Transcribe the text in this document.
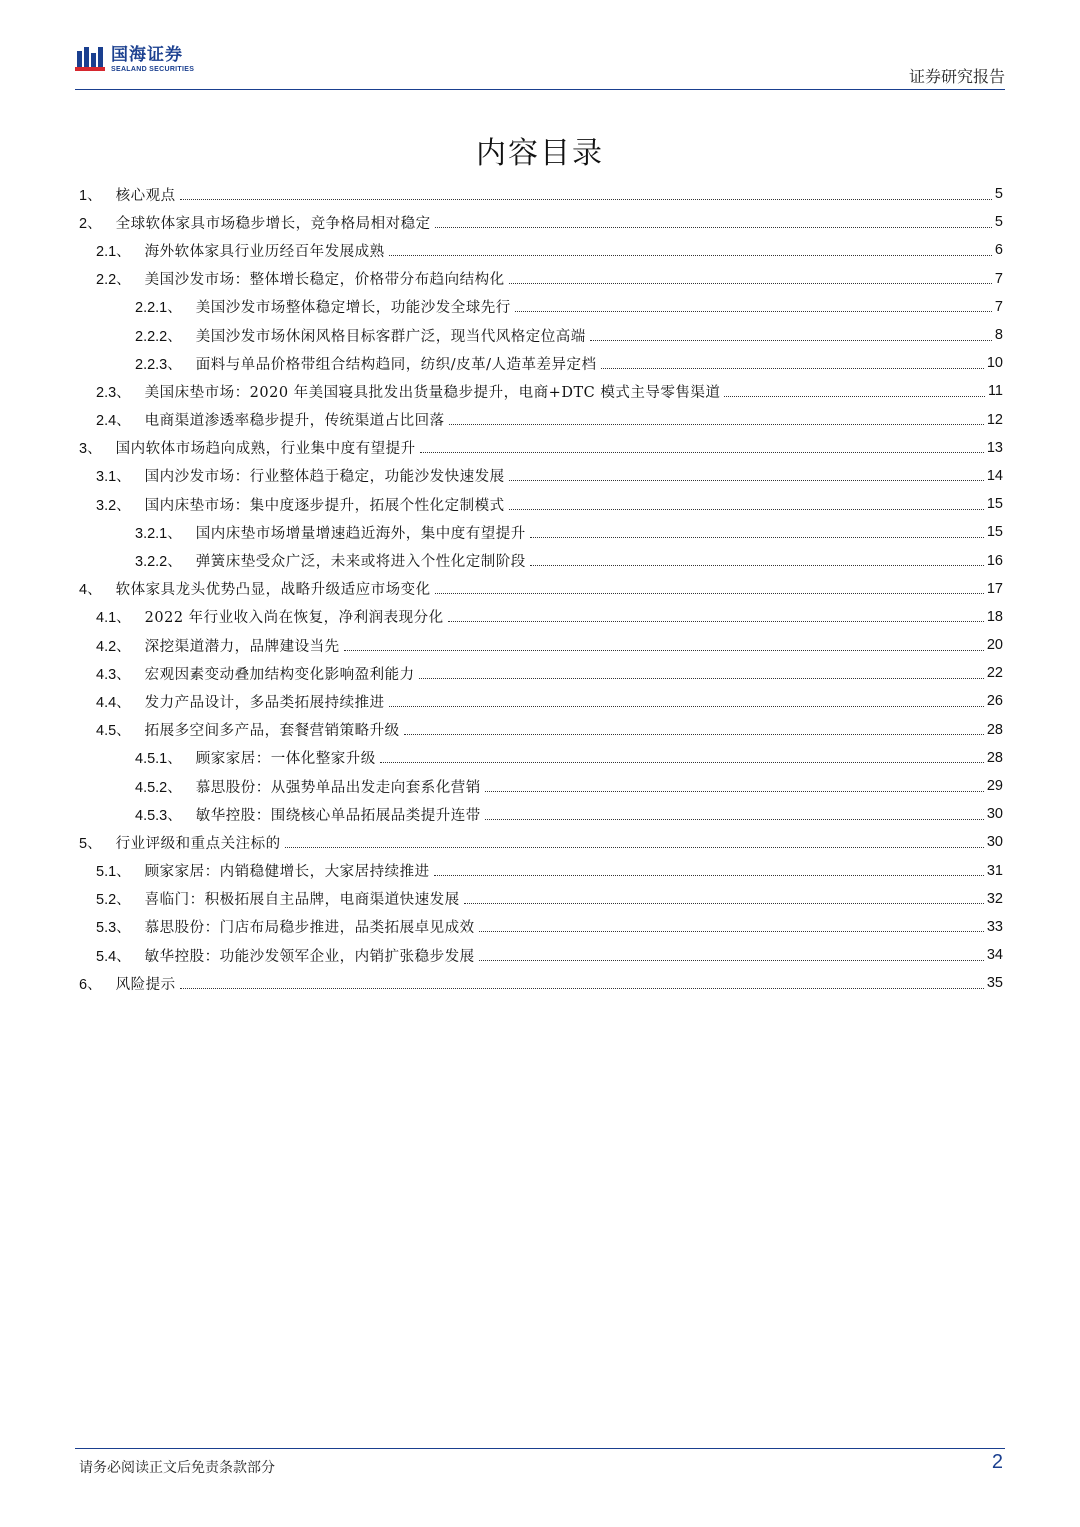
国海证券
SEALAND SECURITIES	证券研究报告
内容目录
1、 核心观点	5
2、 全球软体家具市场稳步增长，竞争格局相对稳定	5
2.1、 海外软体家具行业历经百年发展成熟	6
2.2、 美国沙发市场：整体增长稳定，价格带分布趋向结构化	7
2.2.1、 美国沙发市场整体稳定增长，功能沙发全球先行	7
2.2.2、 美国沙发市场休闲风格目标客群广泛，现当代风格定位高端	8
2.2.3、 面料与单品价格带组合结构趋同，纺织/皮革/人造革差异定档	10
2.3、 美国床垫市场：2020 年美国寝具批发出货量稳步提升，电商+DTC 模式主导零售渠道	11
2.4、 电商渠道渗透率稳步提升，传统渠道占比回落	12
3、 国内软体市场趋向成熟，行业集中度有望提升	13
3.1、 国内沙发市场：行业整体趋于稳定，功能沙发快速发展	14
3.2、 国内床垫市场：集中度逐步提升，拓展个性化定制模式	15
3.2.1、 国内床垫市场增量增速趋近海外，集中度有望提升	15
3.2.2、 弹簧床垫受众广泛，未来或将进入个性化定制阶段	16
4、 软体家具龙头优势凸显，战略升级适应市场变化	17
4.1、 2022 年行业收入尚在恢复，净利润表现分化	18
4.2、 深挖渠道潜力，品牌建设当先	20
4.3、 宏观因素变动叠加结构变化影响盈利能力	22
4.4、 发力产品设计，多品类拓展持续推进	26
4.5、 拓展多空间多产品，套餐营销策略升级	28
4.5.1、 顾家家居：一体化整家升级	28
4.5.2、 慕思股份：从强势单品出发走向套系化营销	29
4.5.3、 敏华控股：围绕核心单品拓展品类提升连带	30
5、 行业评级和重点关注标的	30
5.1、 顾家家居：内销稳健增长，大家居持续推进	31
5.2、 喜临门：积极拓展自主品牌，电商渠道快速发展	32
5.3、 慕思股份：门店布局稳步推进，品类拓展卓见成效	33
5.4、 敏华控股：功能沙发领军企业，内销扩张稳步发展	34
6、 风险提示	35
请务必阅读正文后免责条款部分	2
